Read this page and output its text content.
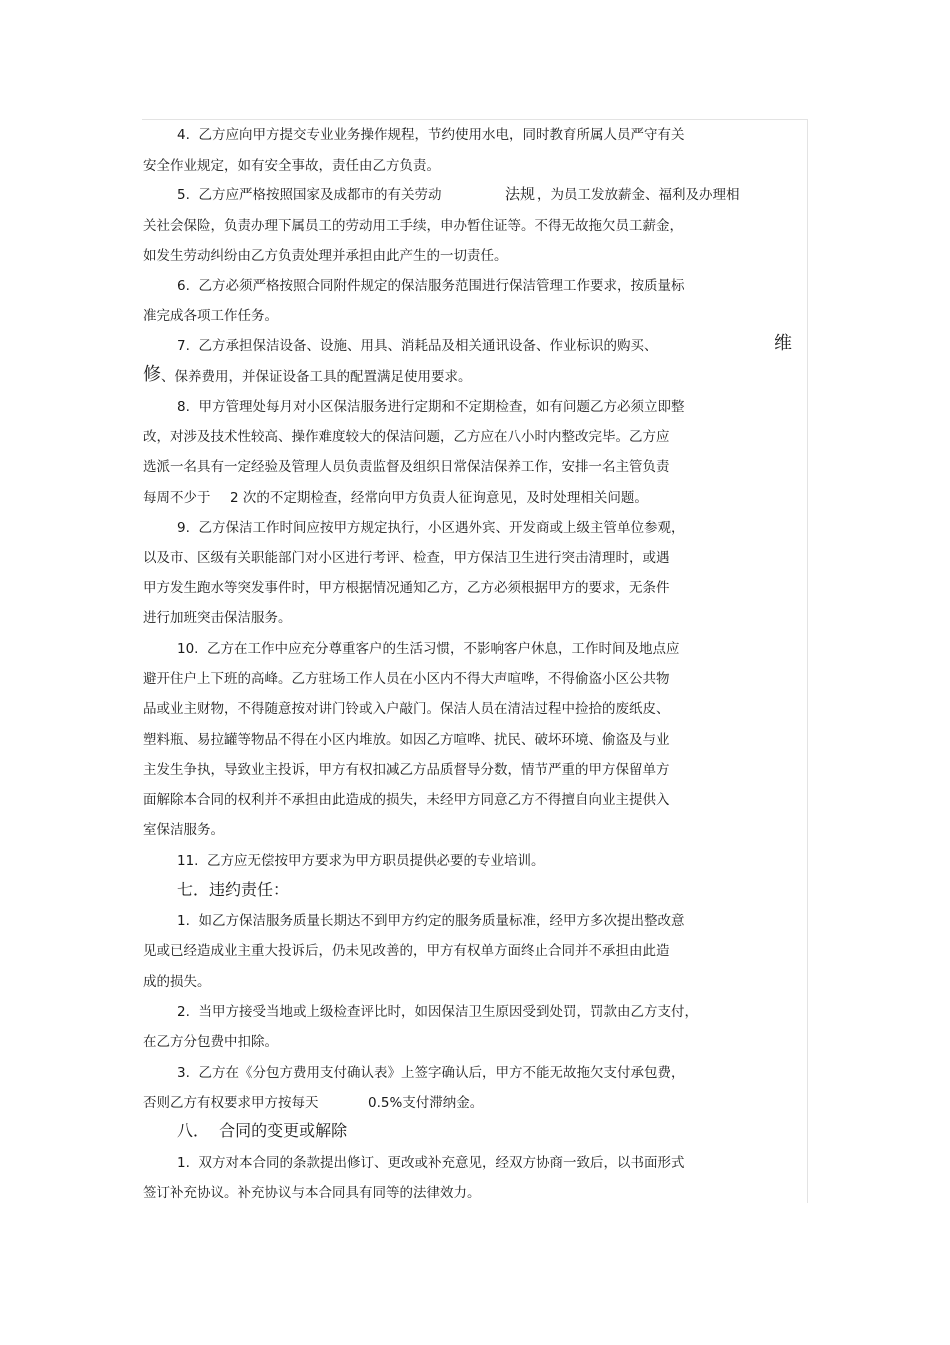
4.  乙方应向甲方提交专业业务操作规程，节约使用水电，同时教育所属人员严守有关
安全作业规定，如有安全事故，责任由乙方负责。
5.  乙方应严格按照国家及成都市的有关劳动	法规 ，为员工发放薪金、福利及办理相
关社会保险，负责办理下属员工的劳动用工手续，申办暂住证等。不得无故拖欠员工薪金，
如发生劳动纠纷由乙方负责处理并承担由此产生的一切责任。
6.  乙方必须严格按照合同附件规定的保洁服务范围进行保洁管理工作要求，按质量标
准完成各项工作任务。
7.  乙方承担保洁设备、设施、用具、消耗品及相关通讯设备、作业标识的购买、	维
修 、保养费用，并保证设备工具的配置满足使用要求。
8.  甲方管理处每月对小区保洁服务进行定期和不定期检查，如有问题乙方必须立即整
改，对涉及技术性较高、操作难度较大的保洁问题，乙方应在八小时内整改完毕。乙方应
选派一名具有一定经验及管理人员负责监督及组织日常保洁保养工作，安排一名主管负责
每周不少于 2 次的不定期检查，经常向甲方负责人征询意见，及时处理相关问题。
9.  乙方保洁工作时间应按甲方规定执行，小区遇外宾、开发商或上级主管单位参观，
以及市、区级有关职能部门对小区进行考评、检查，甲方保洁卫生进行突击清理时，或遇
甲方发生跑水等突发事件时，甲方根据情况通知乙方，乙方必须根据甲方的要求，无条件
进行加班突击保洁服务。
10.  乙方在工作中应充分尊重客户的生活习惯，不影响客户休息，工作时间及地点应
避开住户上下班的高峰。乙方驻场工作人员在小区内不得大声喧哗，不得偷盗小区公共物
品或业主财物，不得随意按对讲门铃或入户敲门。保洁人员在清洁过程中捡拾的废纸皮、
塑料瓶、易拉罐等物品不得在小区内堆放。如因乙方喧哗、扰民、破坏环境、偷盗及与业
主发生争执，导致业主投诉，甲方有权扣减乙方品质督导分数，情节严重的甲方保留单方
面解除本合同的权利并不承担由此造成的损失，未经甲方同意乙方不得擅自向业主提供入
室保洁服务。
11.  乙方应无偿按甲方要求为甲方职员提供必要的专业培训。
七．违约责任：
1.  如乙方保洁服务质量长期达不到甲方约定的服务质量标准，经甲方多次提出整改意
见或已经造成业主重大投诉后，仍未见改善的，甲方有权单方面终止合同并不承担由此造
成的损失。
2.  当甲方接受当地或上级检查评比时，如因保洁卫生原因受到处罚，罚款由乙方支付，
在乙方分包费中扣除。
3.  乙方在《分包方费用支付确认表》上签字确认后，甲方不能无故拖欠支付承包费，
否则乙方有权要求甲方按每天	0.5%支付滞纳金。
八．  合同的变更或解除
1.  双方对本合同的条款提出修订、更改或补充意见，经双方协商一致后，以书面形式
签订补充协议。补充协议与本合同具有同等的法律效力。
